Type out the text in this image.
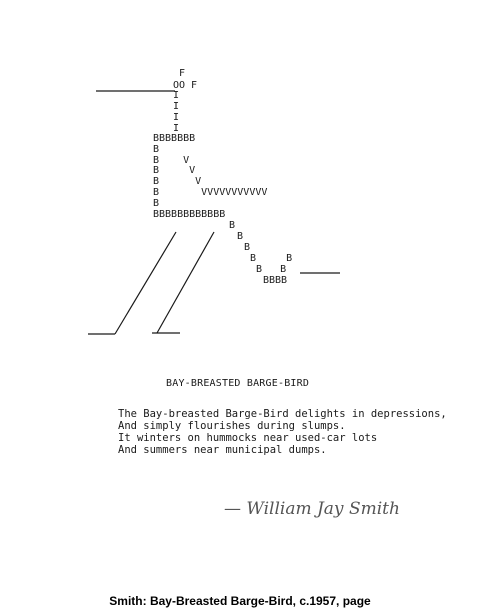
F
OO F
I
I
I
I
BBBBBBB
B
B    V
B     V
B      V
B       VVVVVVVVVVV
B
BBBBBBBBBBBB
B
B
B
B     B
B   B
BBBB
BAY-BREASTED BARGE-BIRD
The Bay-breasted Barge-Bird delights in depressions,
And simply flourishes during slumps.
It winters on hummocks near used-car lots
And summers near municipal dumps.
— William Jay Smith
Smith: Bay-Breasted Barge-Bird, c.1957, page
